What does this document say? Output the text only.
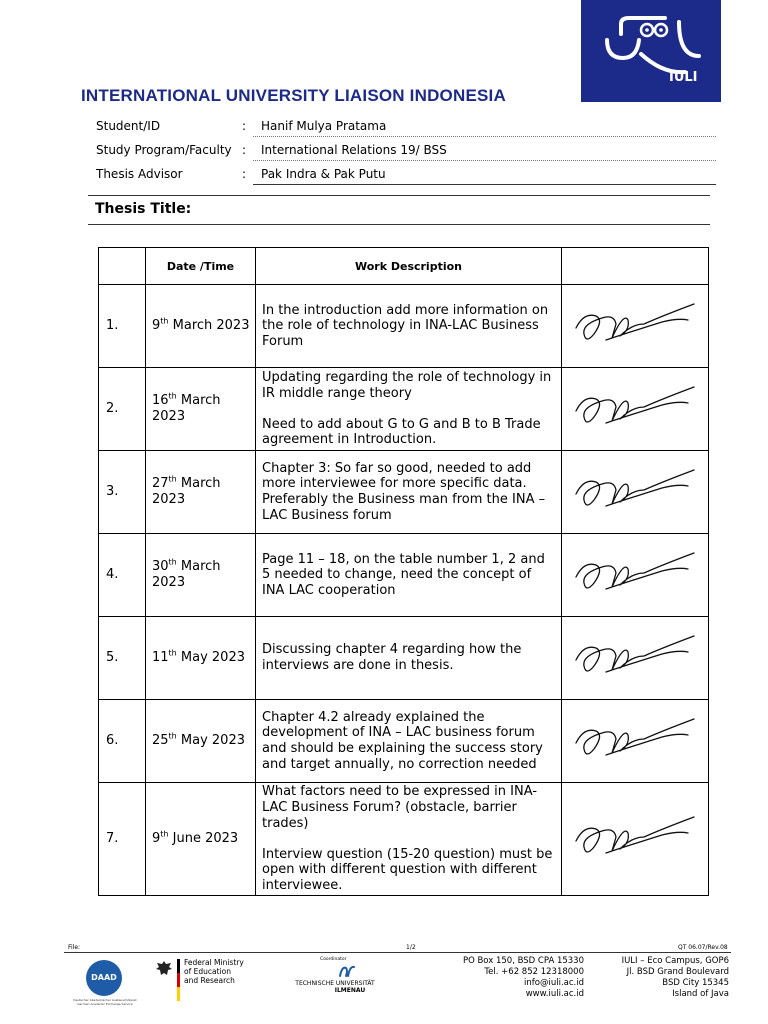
IULI
INTERNATIONAL UNIVERSITY LIAISON INDONESIA
Student/ID	: Hanif Mulya Pratama
Study Program/Faculty : International Relations 19/ BSS
Thesis Advisor	: Pak Indra & Pak Putu
Thesis Title:
	Date /Time	Work Description	
1.	9th March 2023	In the introduction add more information on the role of technology in INA-LAC Business Forum	
2.	16th March 2023	Updating regarding the role of technology in IR middle range theory
Need to add about G to G and B to B Trade agreement in Introduction.	
3.	27th March 2023	Chapter 3: So far so good, needed to add more interviewee for more specific data. Preferably the Business man from the INA – LAC Business forum	
4.	30th March 2023	Page 11 – 18, on the table number 1, 2 and 5 needed to change, need the concept of INA LAC cooperation	
5.	11th May 2023	Discussing chapter 4 regarding how the interviews are done in thesis.	
6.	25th May 2023	Chapter 4.2 already explained the development of INA – LAC business forum and should be explaining the success story and target annually, no correction needed	
7.	9th June 2023	What factors need to be expressed in INA-LAC Business Forum? (obstacle, barrier trades)
Interview question (15-20 question) must be open with different question with different interviewee.	
File:	1/2	QT 06.07/Rev.08
DAAD
Deutscher Akademischer Austauschdienst German Academic Exchange Service
Federal Ministry
of Education
and Research
Coordinator
TECHNISCHE UNIVERSITÄT
ILMENAU
PO Box 150, BSD CPA 15330
Tel. +62 852 12318000
info@iuli.ac.id
www.iuli.ac.id
IULI – Eco Campus, GOP6
Jl. BSD Grand Boulevard
BSD City 15345
Island of Java
